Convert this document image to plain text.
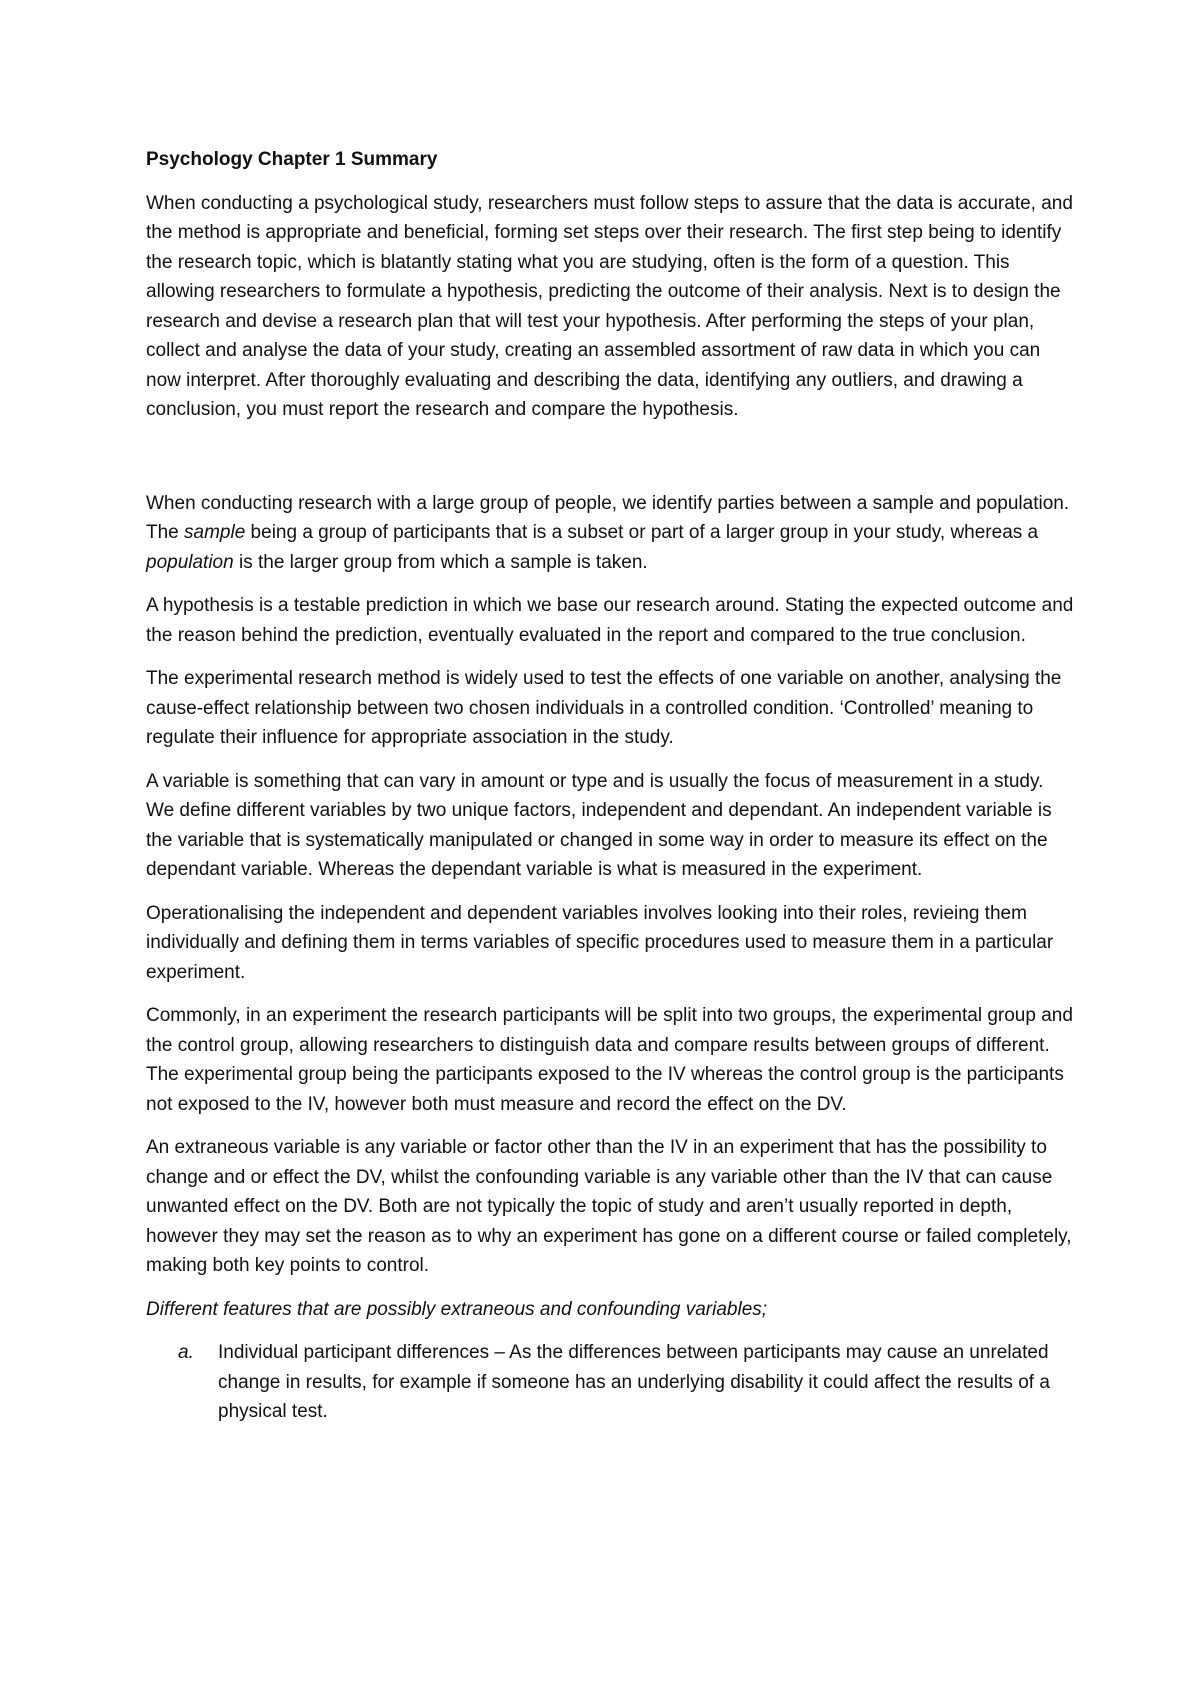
Psychology Chapter 1 Summary

When conducting a psychological study, researchers must follow steps to assure that the data is accurate, and the method is appropriate and beneficial, forming set steps over their research. The first step being to identify the research topic, which is blatantly stating what you are studying, often is the form of a question. This allowing researchers to formulate a hypothesis, predicting the outcome of their analysis. Next is to design the research and devise a research plan that will test your hypothesis. After performing the steps of your plan, collect and analyse the data of your study, creating an assembled assortment of raw data in which you can now interpret. After thoroughly evaluating and describing the data, identifying any outliers, and drawing a conclusion, you must report the research and compare the hypothesis.

When conducting research with a large group of people, we identify parties between a sample and population. The sample being a group of participants that is a subset or part of a larger group in your study, whereas a population is the larger group from which a sample is taken.

A hypothesis is a testable prediction in which we base our research around. Stating the expected outcome and the reason behind the prediction, eventually evaluated in the report and compared to the true conclusion.

The experimental research method is widely used to test the effects of one variable on another, analysing the cause-effect relationship between two chosen individuals in a controlled condition. ‘Controlled’ meaning to regulate their influence for appropriate association in the study.

A variable is something that can vary in amount or type and is usually the focus of measurement in a study. We define different variables by two unique factors, independent and dependant. An independent variable is the variable that is systematically manipulated or changed in some way in order to measure its effect on the dependant variable. Whereas the dependant variable is what is measured in the experiment.

Operationalising the independent and dependent variables involves looking into their roles, revieing them individually and defining them in terms variables of specific procedures used to measure them in a particular experiment.

Commonly, in an experiment the research participants will be split into two groups, the experimental group and the control group, allowing researchers to distinguish data and compare results between groups of different. The experimental group being the participants exposed to the IV whereas the control group is the participants not exposed to the IV, however both must measure and record the effect on the DV.

An extraneous variable is any variable or factor other than the IV in an experiment that has the possibility to change and or effect the DV, whilst the confounding variable is any variable other than the IV that can cause unwanted effect on the DV. Both are not typically the topic of study and aren’t usually reported in depth, however they may set the reason as to why an experiment has gone on a different course or failed completely, making both key points to control.

Different features that are possibly extraneous and confounding variables;

a.	Individual participant differences – As the differences between participants may cause an unrelated change in results, for example if someone has an underlying disability it could affect the results of a physical test.
